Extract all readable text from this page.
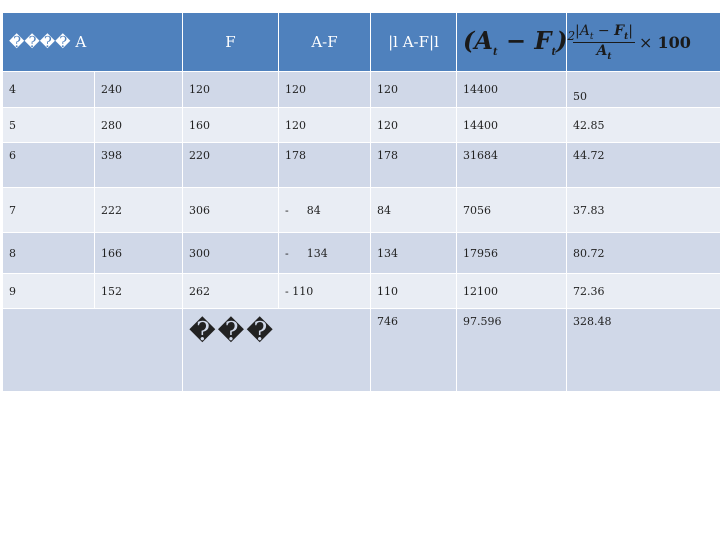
���� A		F	A-F	|l A-F|l	$(A_t - F_t)^2$	$\frac{|A_t - F_t|}{A_t} \times 100$
4	240	120	120	120	14400	50
5	280	160	120	120	14400	42.85
6	398	220	178	178	31684	44.72
7	222	306	- 84	84	7056	37.83
8	166	300	- 134	134	17956	80.72
9	152	262	- 110	110	12100	72.36
		���		746	97.596	328.48
